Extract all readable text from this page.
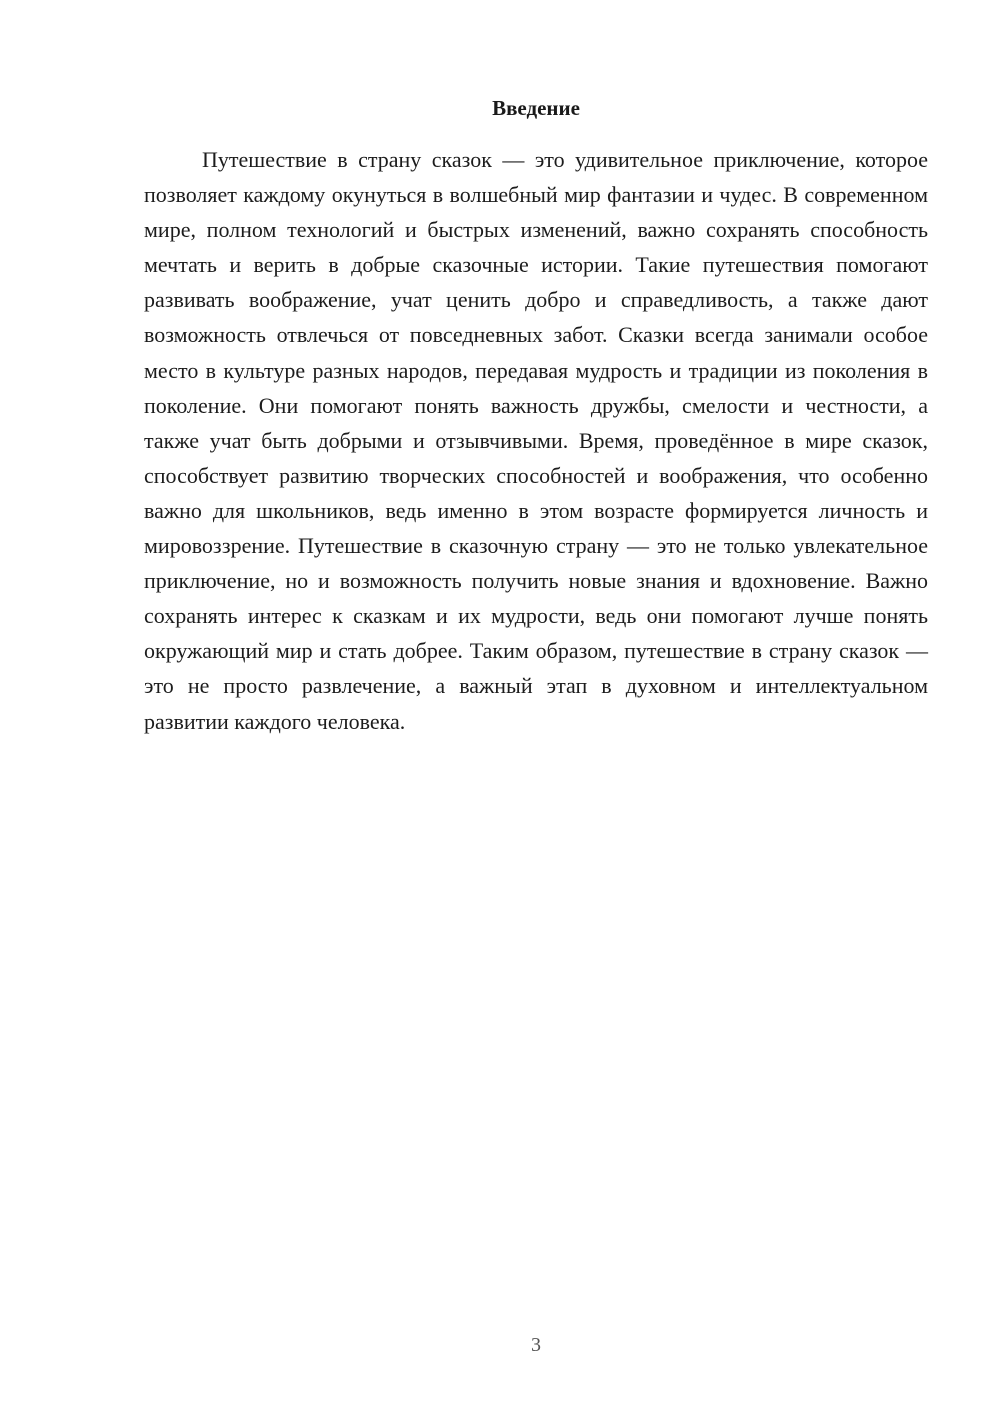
Введение

Путешествие в страну сказок — это удивительное приключение, которое позволяет каждому окунуться в волшебный мир фантазии и чудес. В современном мире, полном технологий и быстрых изменений, важно сохранять способность мечтать и верить в добрые сказочные истории. Такие путешествия помогают развивать воображение, учат ценить добро и справедливость, а также дают возможность отвлечься от повседневных забот. Сказки всегда занимали особое место в культуре разных народов, передавая мудрость и традиции из поколения в поколение. Они помогают понять важность дружбы, смелости и честности, а также учат быть добрыми и отзывчивыми. Время, проведённое в мире сказок, способствует развитию творческих способностей и воображения, что особенно важно для школьников, ведь именно в этом возрасте формируется личность и мировоззрение. Путешествие в сказочную страну — это не только увлекательное приключение, но и возможность получить новые знания и вдохновение. Важно сохранять интерес к сказкам и их мудрости, ведь они помогают лучше понять окружающий мир и стать добрее. Таким образом, путешествие в страну сказок — это не просто развлечение, а важный этап в духовном и интеллектуальном развитии каждого человека.

3
